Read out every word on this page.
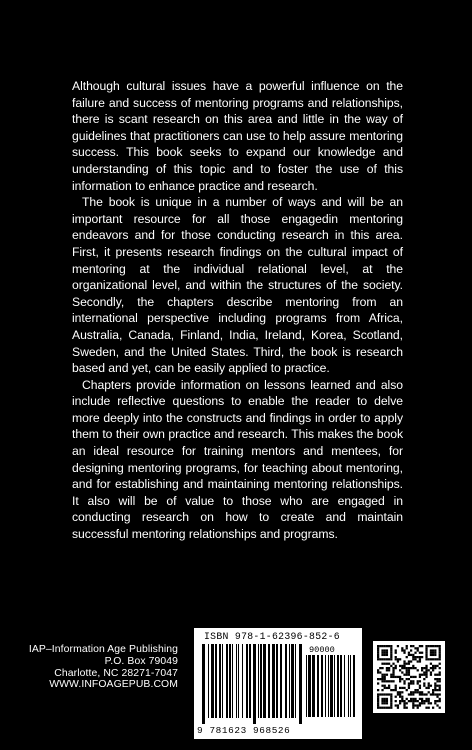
Although cultural issues have a powerful influence on the failure and success of mentoring programs and relationships, there is scant research on this area and little in the way of guidelines that practitioners can use to help assure mentoring success. This book seeks to expand our knowledge and understanding of this topic and to foster the use of this information to enhance practice and research.

The book is unique in a number of ways and will be an important resource for all those engagedin mentoring endeavors and for those conducting research in this area. First, it presents research findings on the cultural impact of mentoring at the individual relational level, at the organizational level, and within the structures of the society. Secondly, the chapters describe mentoring from an international perspective including programs from Africa, Australia, Canada, Finland, India, Ireland, Korea, Scotland, Sweden, and the United States. Third, the book is research based and yet, can be easily applied to practice.

Chapters provide information on lessons learned and also include reflective questions to enable the reader to delve more deeply into the constructs and findings in order to apply them to their own practice and research. This makes the book an ideal resource for training mentors and mentees, for designing mentoring programs, for teaching about mentoring, and for establishing and maintaining mentoring relationships. It also will be of value to those who are engaged in conducting research on how to create and maintain successful mentoring relationships and programs.

IAP–Information Age Publishing
P.O. Box 79049
Charlotte, NC 28271-7047
WWW.INFOAGEPUB.COM
ISBN 978-1-62396-852-6
90000
9 781623 968526
